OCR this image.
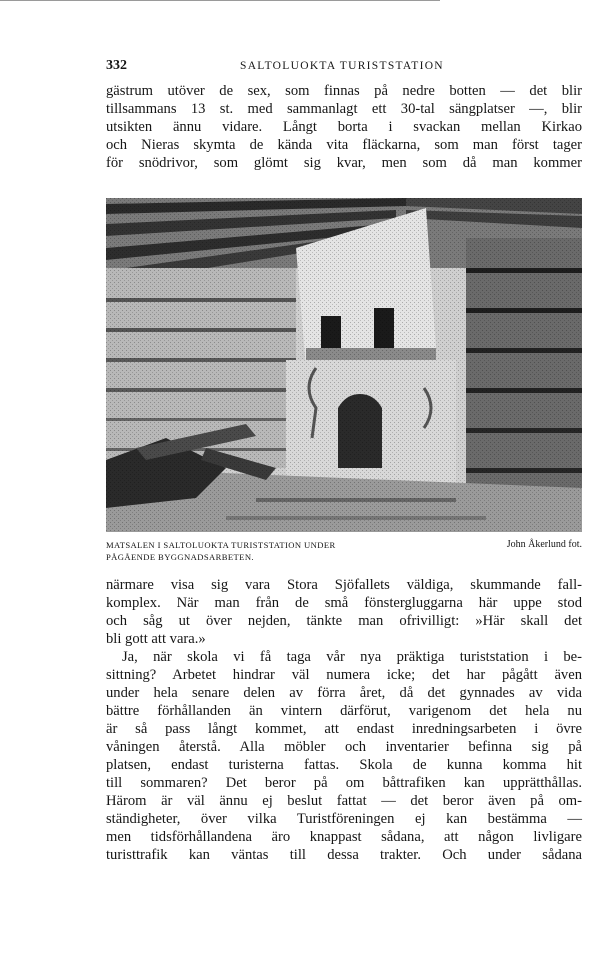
332	SALTOLUOKTA TURISTSTATION
gästrum utöver de sex, som finnas på nedre botten — det blir
tillsammans 13 st. med sammanlagt ett 30-tal sängplatser —, blir
utsikten ännu vidare. Långt borta i svackan mellan Kirkao
och Nieras skymta de kända vita fläckarna, som man först tager
för snödrivor, som glömt sig kvar, men som då man kommer
MATSALEN I SALTOLUOKTA TURISTSTATION UNDER
PÅGÅENDE BYGGNADSARBETEN.
John Åkerlund fot.
närmare visa sig vara Stora Sjöfallets väldiga, skummande fall-
komplex. När man från de små fönstergluggarna här uppe stod
och såg ut över nejden, tänkte man ofrivilligt: »Här skall det
bli gott att vara.»
Ja, när skola vi få taga vår nya präktiga turiststation i be-
sittning? Arbetet hindrar väl numera icke; det har pågått även
under hela senare delen av förra året, då det gynnades av vida
bättre förhållanden än vintern därförut, varigenom det hela nu
är så pass långt kommet, att endast inredningsarbeten i övre
våningen återstå. Alla möbler och inventarier befinna sig på
platsen, endast turisterna fattas. Skola de kunna komma hit
till sommaren? Det beror på om båttrafiken kan upprätthållas.
Härom är väl ännu ej beslut fattat — det beror även på om-
ständigheter, över vilka Turistföreningen ej kan bestämma —
men tidsförhållandena äro knappast sådana, att någon livligare
turisttrafik kan väntas till dessa trakter. Och under sådana
